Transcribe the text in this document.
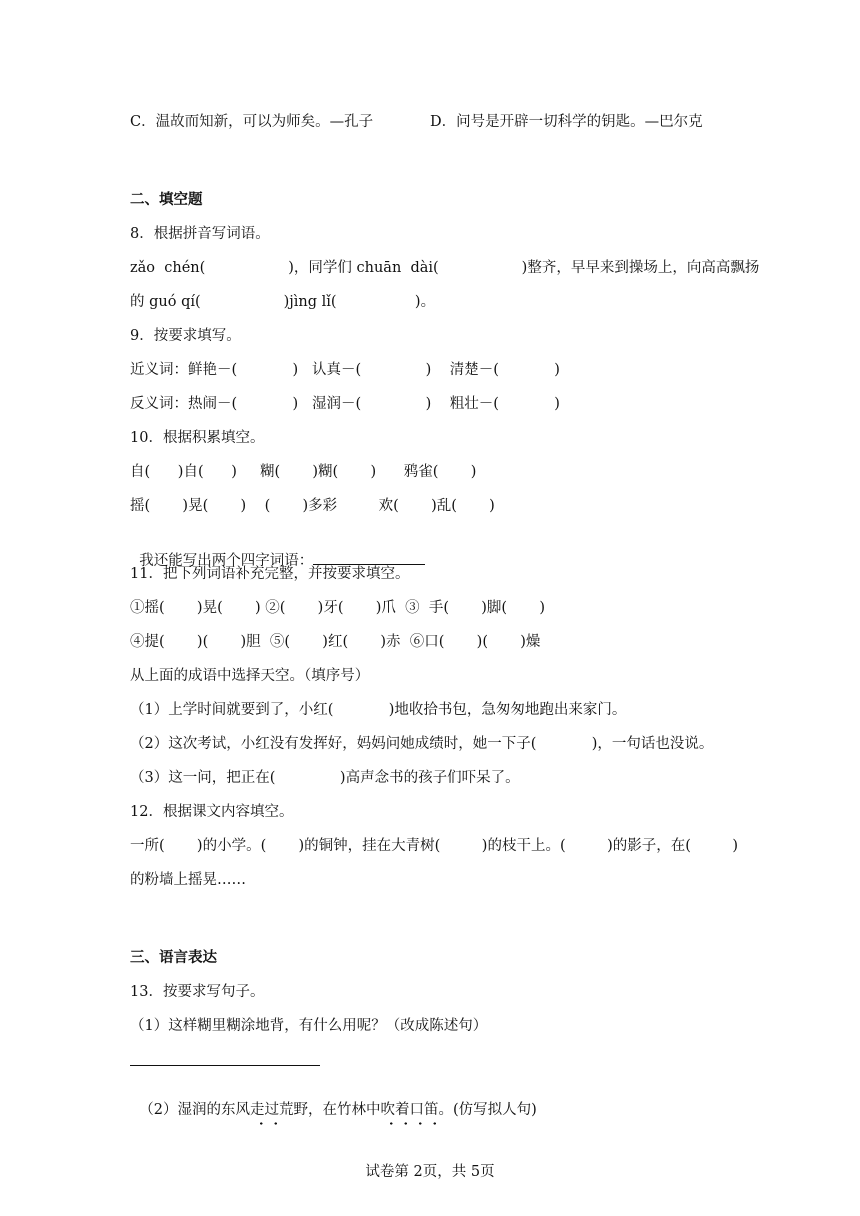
C．温故而知新，可以为师矣。—孔子	D．问号是开辟一切科学的钥匙。—巴尔克
二、填空题
8．根据拼音写词语。
zǎo  chén(                  )，同学们 chuān  dài(                  )整齐，早早来到操场上，向高高飘扬
的 guó qí(                  )jìng lǐ(                 )。
9．按要求填写。
近义词：鲜艳－(            )   认真－(              )    清楚－(            )
反义词：热闹－(            )   湿润－(              )    粗壮－(            )
10．根据积累填空。
自(      )自(      )     糊(       )糊(       )      鸦雀(       )
摇(       )晃(       )    (       )多彩         欢(       )乱(       )

我还能写出两个四字词语：

11．把下列词语补充完整，并按要求填空。
①摇(       )晃(       ) ②(       )牙(       )爪  ③  手(       )脚(       )
④提(       )(       )胆  ⑤(       )红(       )赤  ⑥口(       )(       )燥
从上面的成语中选择天空。（填序号）
（1）上学时间就要到了，小红(            )地收拾书包，急匆匆地跑出来家门。
（2）这次考试，小红没有发挥好，妈妈问她成绩时，她一下子(            )，一句话也没说。
（3）这一问，把正在(              )高声念书的孩子们吓呆了。
12．根据课文内容填空。
一所(       )的小学。(       )的铜钟，挂在大青树(         )的枝干上。(         )的影子，在(         )
的粉墙上摇晃……
三、语言表达
13．按要求写句子。
（1）这样糊里糊涂地背，有什么用呢？（改成陈述句）

（2）湿润的东风走过荒野，在竹林中吹着口笛。(仿写拟人句)

试卷第 2页，共 5页
